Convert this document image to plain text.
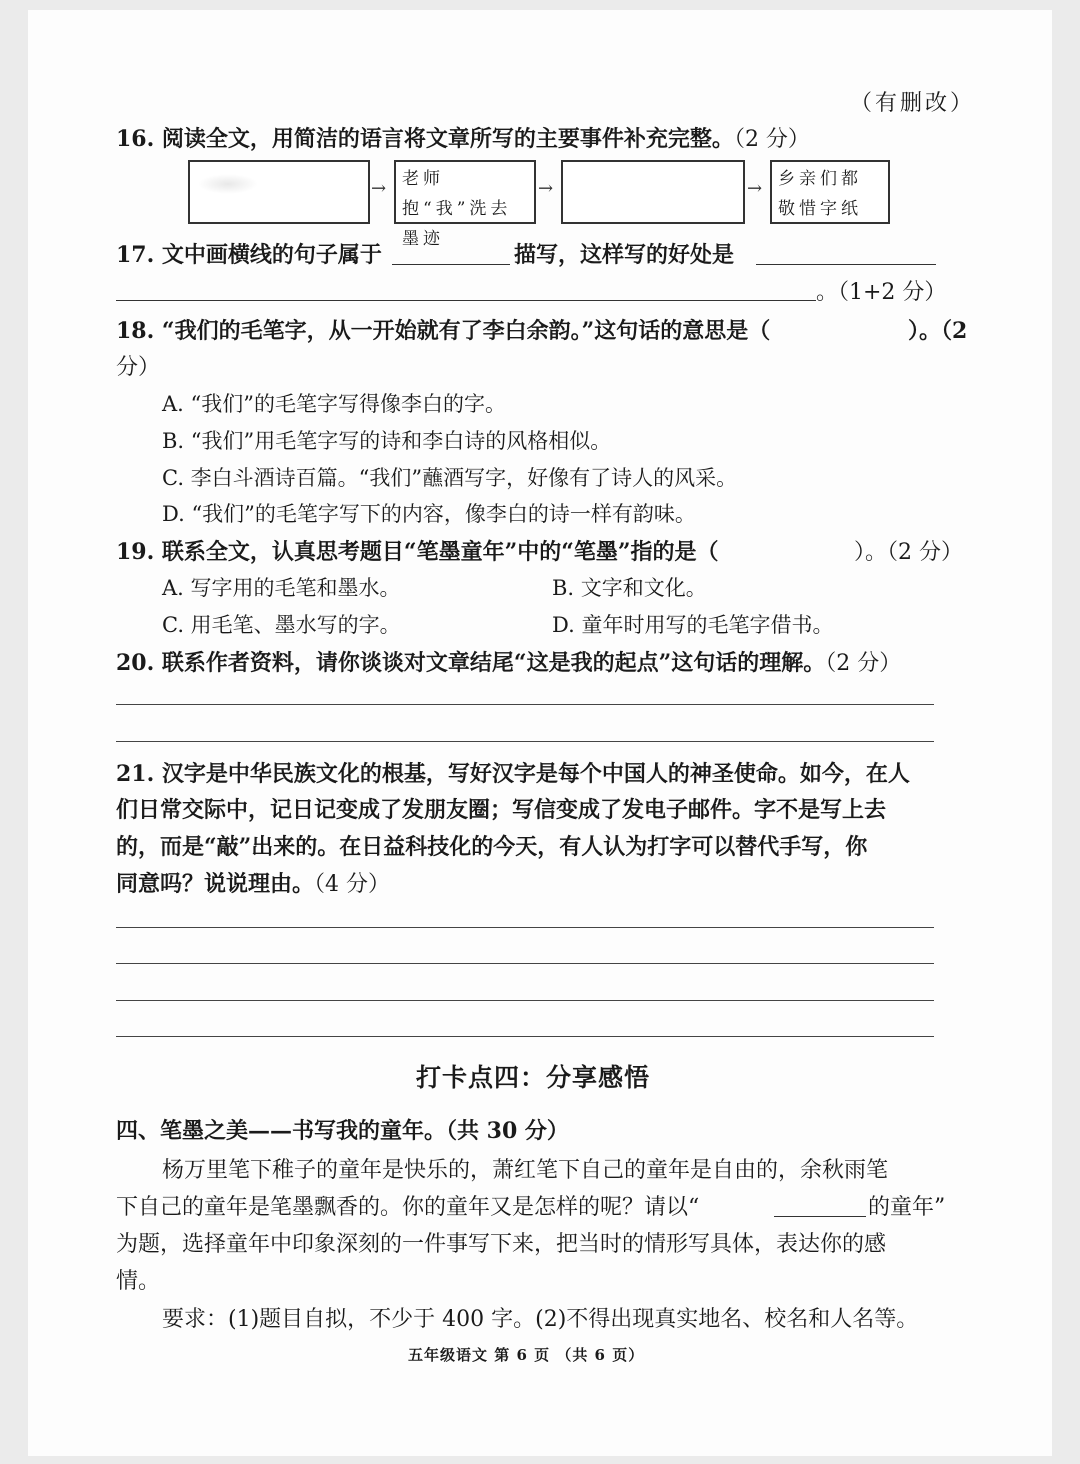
（有删改）
16. 阅读全文，用简洁的语言将文章所写的主要事件补充完整。（2 分）
→ 老师抱“我”洗去墨迹
→	→ 乡亲们都敬惜字纸
17. 文中画横线的句子属于	描写，这样写的好处是
。（1+2 分）
18. “我们的毛笔字，从一开始就有了李白余韵。”这句话的意思是（	）。（2
分）
A. “我们”的毛笔字写得像李白的字。
B. “我们”用毛笔字写的诗和李白诗的风格相似。
C. 李白斗酒诗百篇。“我们”蘸酒写字，好像有了诗人的风采。
D. “我们”的毛笔字写下的内容，像李白的诗一样有韵味。
19. 联系全文，认真思考题目“笔墨童年”中的“笔墨”指的是（	）。（2 分）
A. 写字用的毛笔和墨水。	B. 文字和文化。
C. 用毛笔、墨水写的字。	D. 童年时用写的毛笔字借书。
20. 联系作者资料，请你谈谈对文章结尾“这是我的起点”这句话的理解。（2 分）
21. 汉字是中华民族文化的根基，写好汉字是每个中国人的神圣使命。如今，在人
们日常交际中，记日记变成了发朋友圈；写信变成了发电子邮件。字不是写上去
的，而是“敲”出来的。在日益科技化的今天，有人认为打字可以替代手写，你
同意吗？说说理由。（4 分）
打卡点四：分享感悟
四、笔墨之美——书写我的童年。（共 30 分）
杨万里笔下稚子的童年是快乐的，萧红笔下自己的童年是自由的，余秋雨笔
下自己的童年是笔墨飘香的。你的童年又是怎样的呢？请以“	的童年”
为题，选择童年中印象深刻的一件事写下来，把当时的情形写具体，表达你的感
情。
要求：(1)题目自拟，不少于 400 字。(2)不得出现真实地名、校名和人名等。
五年级语文 第 6 页 （共 6 页）
